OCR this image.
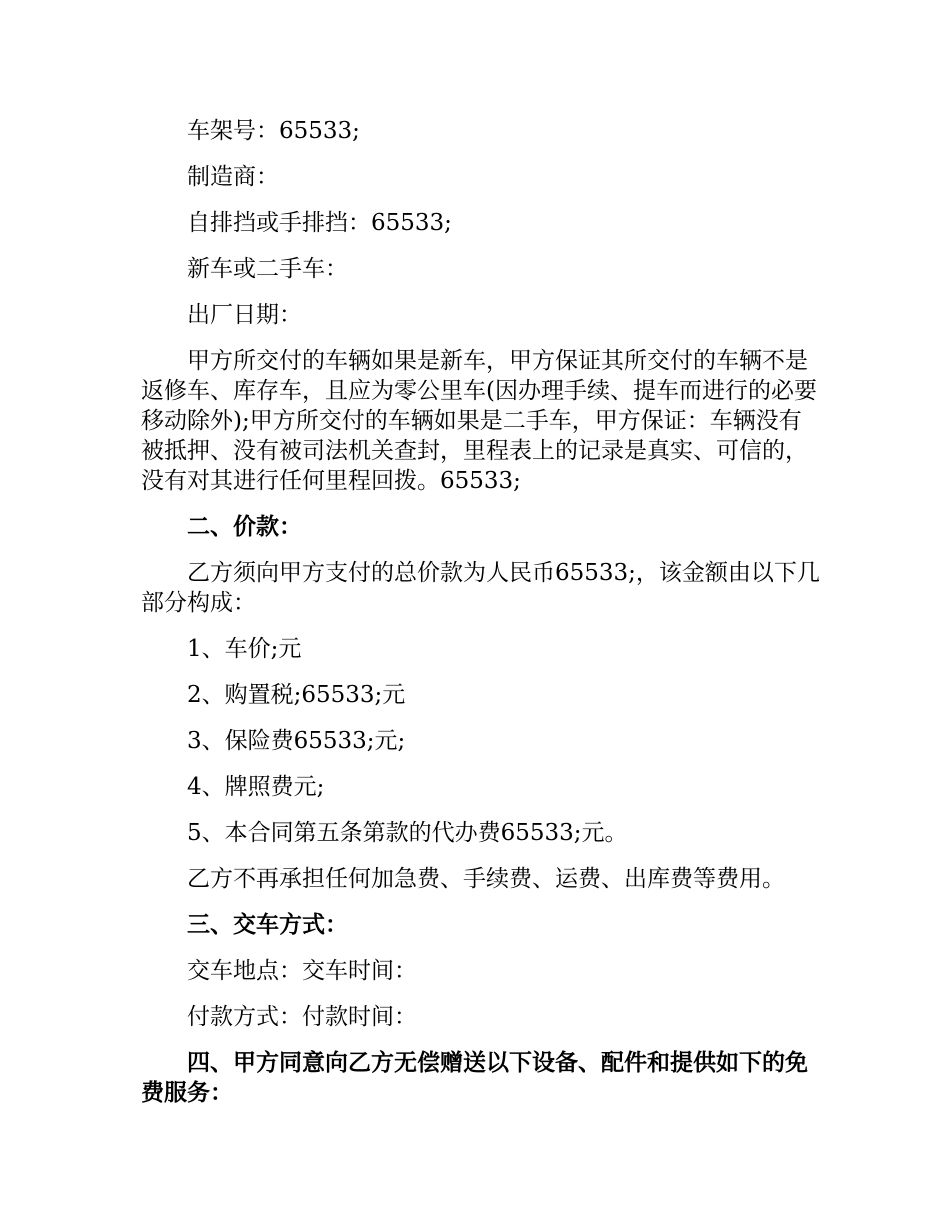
车架号：65533;

制造商：

自排挡或手排挡：65533;

新车或二手车：

出厂日期：

甲方所交付的车辆如果是新车，甲方保证其所交付的车辆不是返修车、库存车，且应为零公里车(因办理手续、提车而进行的必要移动除外);甲方所交付的车辆如果是二手车，甲方保证：车辆没有被抵押、没有被司法机关查封，里程表上的记录是真实、可信的，没有对其进行任何里程回拨。65533;

二、价款：

乙方须向甲方支付的总价款为人民币65533;，该金额由以下几部分构成：

1、车价;元

2、购置税;65533;元

3、保险费65533;元;

4、牌照费元;

5、本合同第五条第款的代办费65533;元。

乙方不再承担任何加急费、手续费、运费、出库费等费用。

三、交车方式：

交车地点：交车时间：

付款方式：付款时间：

四、甲方同意向乙方无偿赠送以下设备、配件和提供如下的免费服务：
